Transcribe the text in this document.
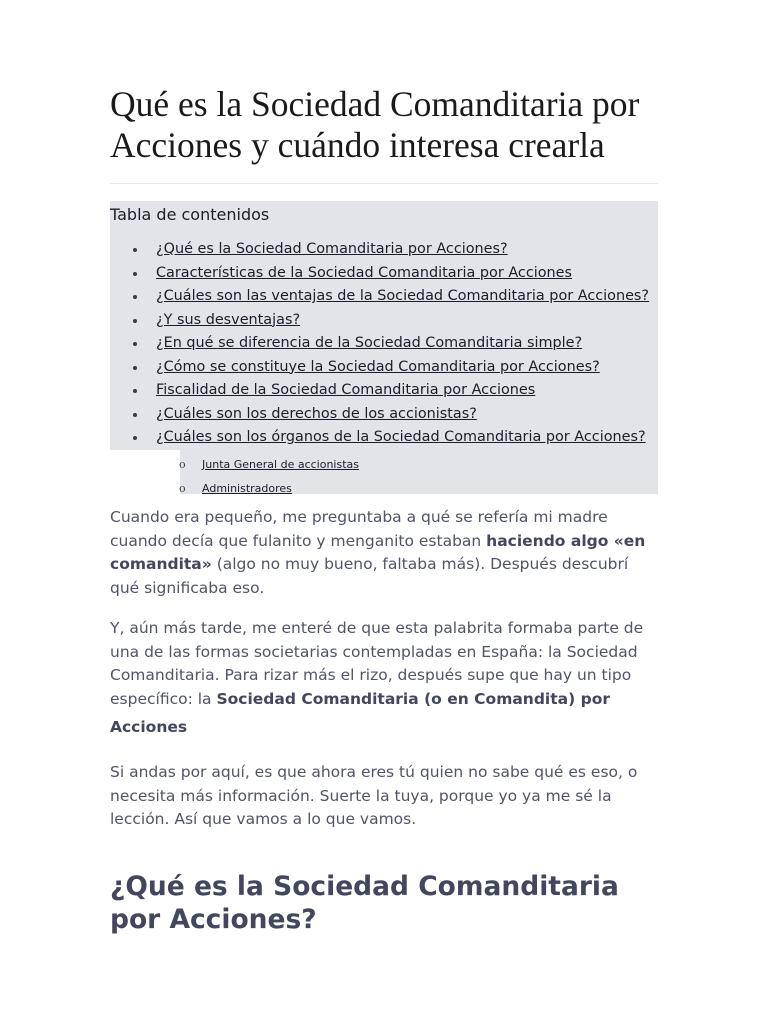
Qué es la Sociedad Comanditaria por
Acciones y cuándo interesa crearla
Tabla de contenidos
¿Qué es la Sociedad Comanditaria por Acciones?
Características de la Sociedad Comanditaria por Acciones
¿Cuáles son las ventajas de la Sociedad Comanditaria por Acciones?
¿Y sus desventajas?
¿En qué se diferencia de la Sociedad Comanditaria simple?
¿Cómo se constituye la Sociedad Comanditaria por Acciones?
Fiscalidad de la Sociedad Comanditaria por Acciones
¿Cuáles son los derechos de los accionistas?
¿Cuáles son los órganos de la Sociedad Comanditaria por Acciones?
o Junta General de accionistas
o Administradores

Cuando era pequeño, me preguntaba a qué se refería mi madre
cuando decía que fulanito y menganito estaban haciendo algo «en
comandita» (algo no muy bueno, faltaba más). Después descubrí
qué significaba eso.

Y, aún más tarde, me enteré de que esta palabrita formaba parte de
una de las formas societarias contempladas en España: la Sociedad
Comanditaria. Para rizar más el rizo, después supe que hay un tipo
específico: la Sociedad Comanditaria (o en Comandita) por
Acciones

Si andas por aquí, es que ahora eres tú quien no sabe qué es eso, o
necesita más información. Suerte la tuya, porque yo ya me sé la
lección. Así que vamos a lo que vamos.

¿Qué es la Sociedad Comanditaria
por Acciones?
